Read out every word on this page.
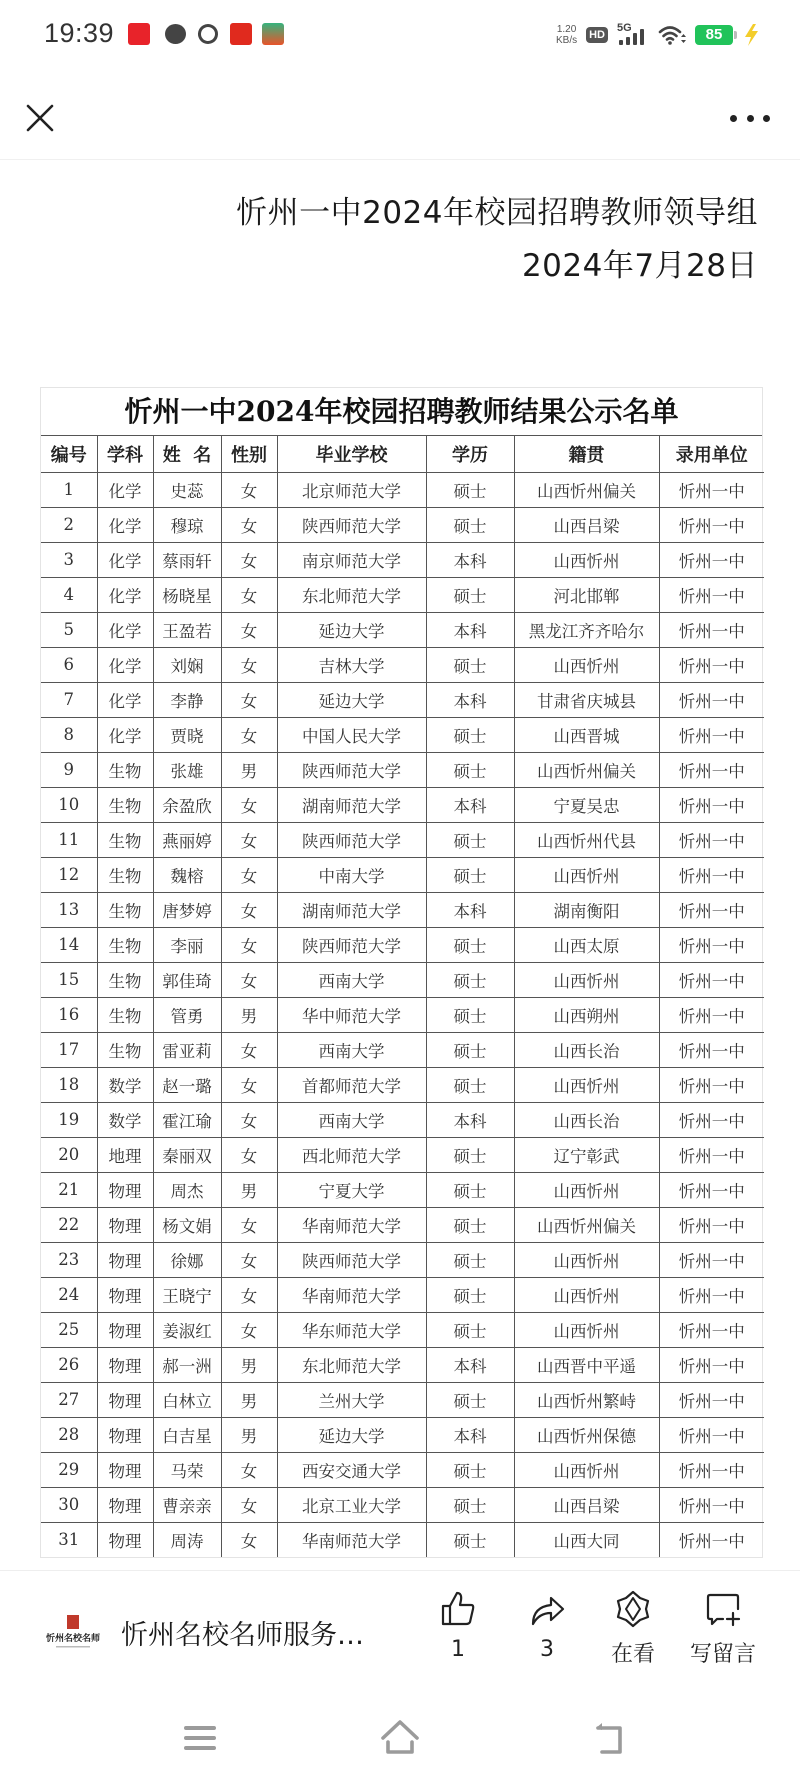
19:39	1.20
KB/s HD
5G	85
忻州一中2024年校园招聘教师领导组
2024年7月28日
忻州一中2024年校园招聘教师结果公示名单
编号	学科	姓  名	性别	毕业学校	学历	籍贯	录用单位
1	化学	史蕊	女	北京师范大学	硕士	山西忻州偏关	忻州一中
2	化学	穆琼	女	陕西师范大学	硕士	山西吕梁	忻州一中
3	化学	蔡雨轩	女	南京师范大学	本科	山西忻州	忻州一中
4	化学	杨晓星	女	东北师范大学	硕士	河北邯郸	忻州一中
5	化学	王盈若	女	延边大学	本科	黑龙江齐齐哈尔	忻州一中
6	化学	刘娴	女	吉林大学	硕士	山西忻州	忻州一中
7	化学	李静	女	延边大学	本科	甘肃省庆城县	忻州一中
8	化学	贾晓	女	中国人民大学	硕士	山西晋城	忻州一中
9	生物	张雄	男	陕西师范大学	硕士	山西忻州偏关	忻州一中
10	生物	余盈欣	女	湖南师范大学	本科	宁夏吴忠	忻州一中
11	生物	燕丽婷	女	陕西师范大学	硕士	山西忻州代县	忻州一中
12	生物	魏榕	女	中南大学	硕士	山西忻州	忻州一中
13	生物	唐梦婷	女	湖南师范大学	本科	湖南衡阳	忻州一中
14	生物	李丽	女	陕西师范大学	硕士	山西太原	忻州一中
15	生物	郭佳琦	女	西南大学	硕士	山西忻州	忻州一中
16	生物	管勇	男	华中师范大学	硕士	山西朔州	忻州一中
17	生物	雷亚莉	女	西南大学	硕士	山西长治	忻州一中
18	数学	赵一璐	女	首都师范大学	硕士	山西忻州	忻州一中
19	数学	霍江瑜	女	西南大学	本科	山西长治	忻州一中
20	地理	秦丽双	女	西北师范大学	硕士	辽宁彰武	忻州一中
21	物理	周杰	男	宁夏大学	硕士	山西忻州	忻州一中
22	物理	杨文娟	女	华南师范大学	硕士	山西忻州偏关	忻州一中
23	物理	徐娜	女	陕西师范大学	硕士	山西忻州	忻州一中
24	物理	王晓宁	女	华南师范大学	硕士	山西忻州	忻州一中
25	物理	姜淑红	女	华东师范大学	硕士	山西忻州	忻州一中
26	物理	郝一洲	男	东北师范大学	本科	山西晋中平遥	忻州一中
27	物理	白林立	男	兰州大学	硕士	山西忻州繁峙	忻州一中
28	物理	白吉星	男	延边大学	本科	山西忻州保德	忻州一中
29	物理	马荣	女	西安交通大学	硕士	山西忻州	忻州一中
30	物理	曹亲亲	女	北京工业大学	硕士	山西吕梁	忻州一中
31	物理	周涛	女	华南师范大学	硕士	山西大同	忻州一中
忻州名校名师 忻州名校名师服务…	1	3	在看	写留言
